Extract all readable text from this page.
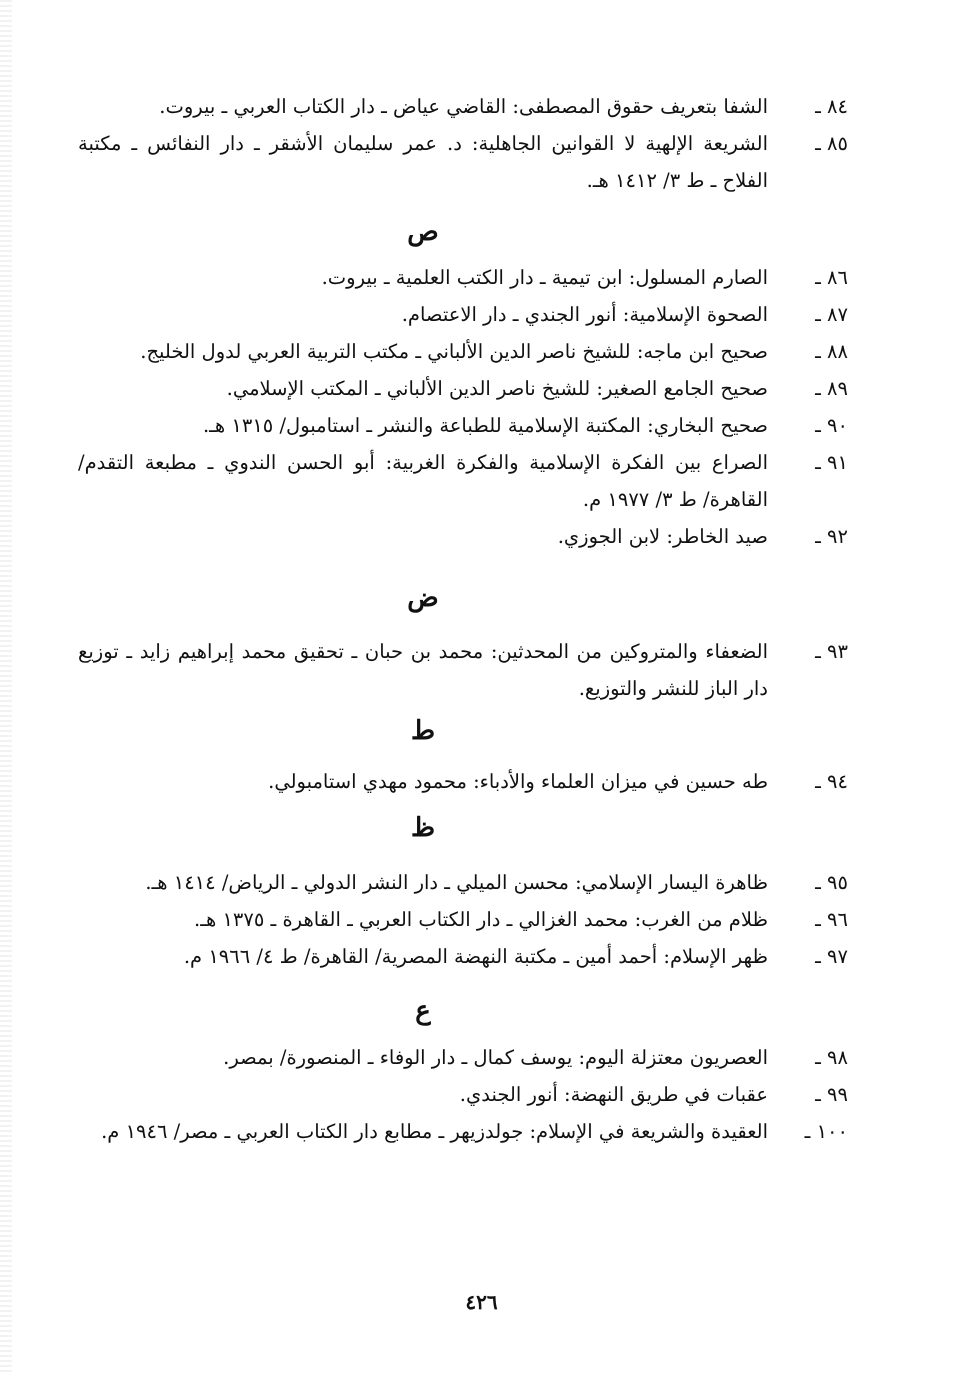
٨٤ ـ
الشفا بتعريف حقوق المصطفى: القاضي عياض ـ دار الكتاب العربي ـ بيروت.
٨٥ ـ
الشريعة الإلهية لا القوانين الجاهلية: د. عمر سليمان الأشقر ـ دار النفائس ـ مكتبة الفلاح ـ ط ٣/ ١٤١٢ هـ.
ص
٨٦ ـ
الصارم المسلول: ابن تيمية ـ دار الكتب العلمية ـ بيروت.
٨٧ ـ
الصحوة الإسلامية: أنور الجندي ـ دار الاعتصام.
٨٨ ـ
صحيح ابن ماجه: للشيخ ناصر الدين الألباني ـ مكتب التربية العربي لدول الخليج.
٨٩ ـ
صحيح الجامع الصغير: للشيخ ناصر الدين الألباني ـ المكتب الإسلامي.
٩٠ ـ
صحيح البخاري: المكتبة الإسلامية للطباعة والنشر ـ استامبول/ ١٣١٥ هـ.
٩١ ـ
الصراع بين الفكرة الإسلامية والفكرة الغربية: أبو الحسن الندوي ـ مطبعة التقدم/ القاهرة/ ط ٣/ ١٩٧٧ م.
٩٢ ـ
صيد الخاطر: لابن الجوزي.
ض
٩٣ ـ
الضعفاء والمتروكين من المحدثين: محمد بن حبان ـ تحقيق محمد إبراهيم زايد ـ توزيع دار الباز للنشر والتوزيع.
ط
٩٤ ـ
طه حسين في ميزان العلماء والأدباء: محمود مهدي استامبولي.
ظ
٩٥ ـ
ظاهرة اليسار الإسلامي: محسن الميلي ـ دار النشر الدولي ـ الرياض/ ١٤١٤ هـ.
٩٦ ـ
ظلام من الغرب: محمد الغزالي ـ دار الكتاب العربي ـ القاهرة ـ ١٣٧٥ هـ.
٩٧ ـ
ظهر الإسلام: أحمد أمين ـ مكتبة النهضة المصرية/ القاهرة/ ط ٤/ ١٩٦٦ م.
ع
٩٨ ـ
العصريون معتزلة اليوم: يوسف كمال ـ دار الوفاء ـ المنصورة/ بمصر.
٩٩ ـ
عقبات في طريق النهضة: أنور الجندي.
١٠٠ ـ
العقيدة والشريعة في الإسلام: جولدزيهر ـ مطابع دار الكتاب العربي ـ مصر/ ١٩٤٦ م.
٤٢٦
